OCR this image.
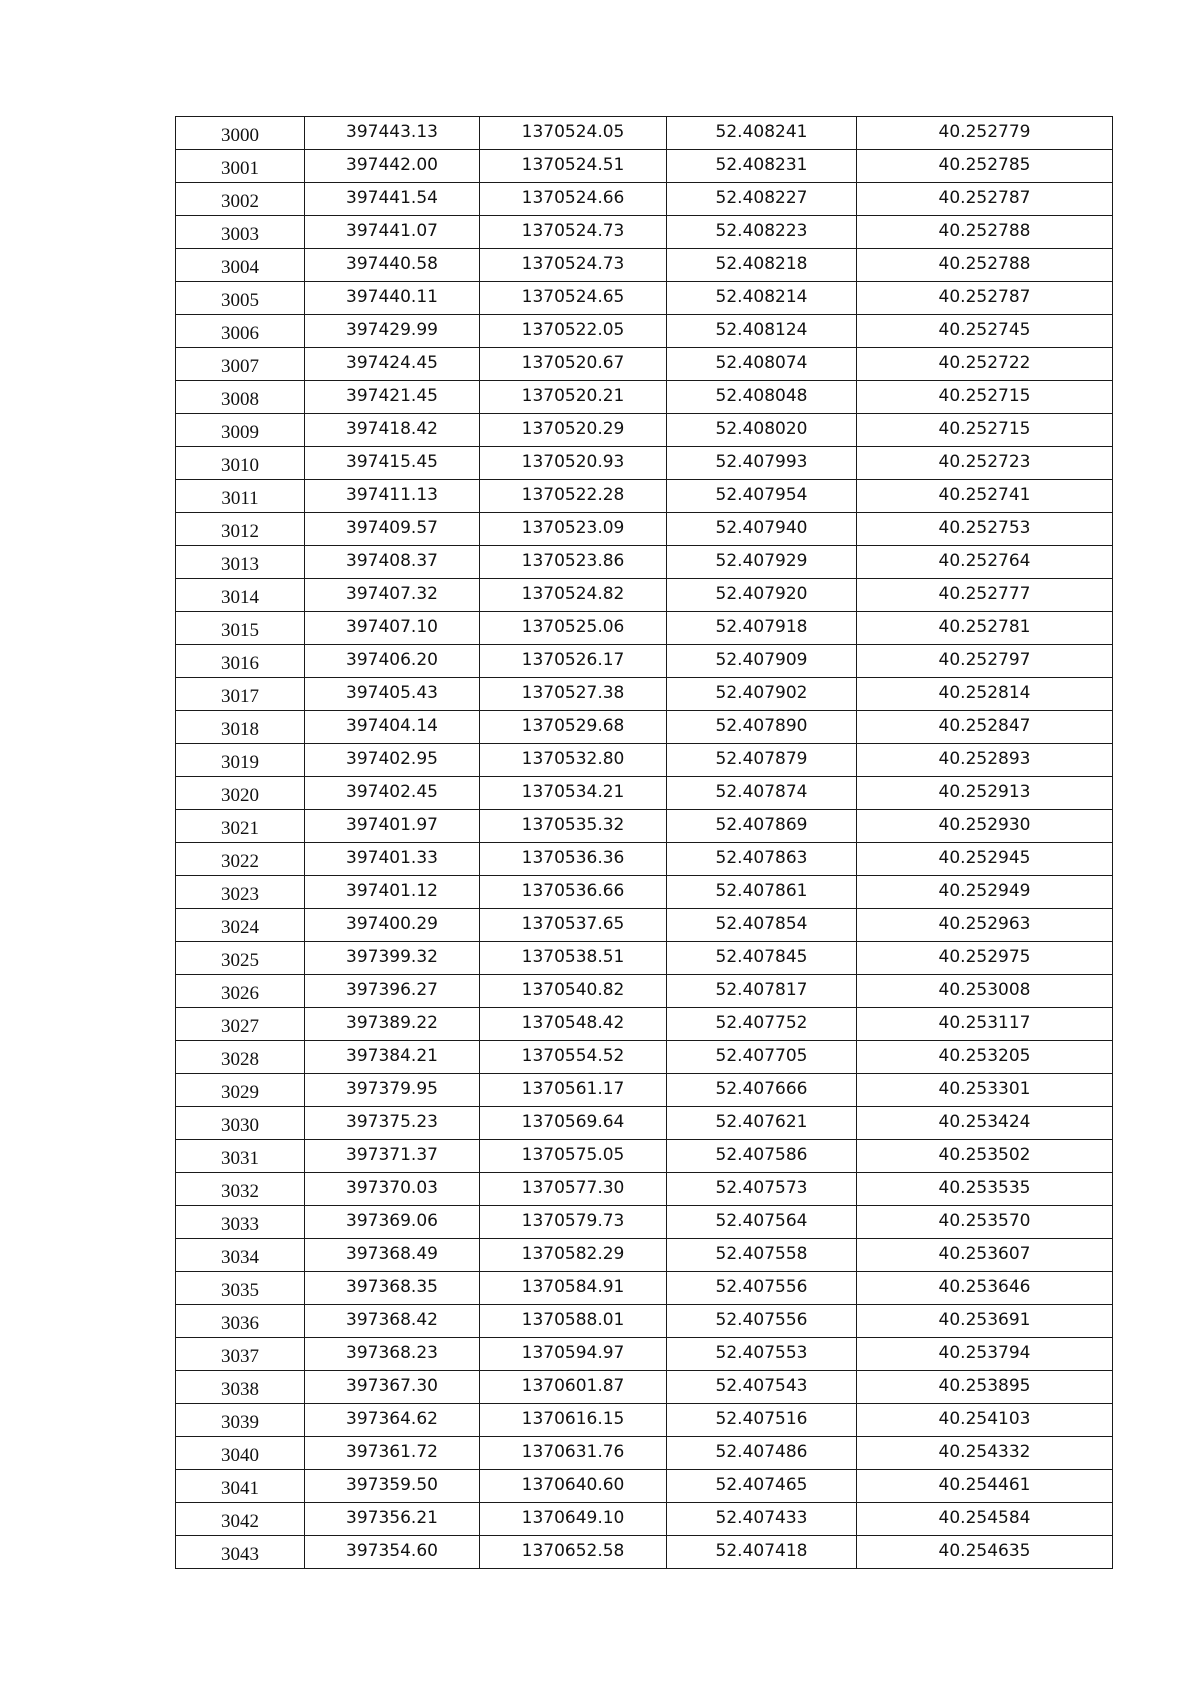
3000	397443.13	1370524.05	52.408241	40.252779
3001	397442.00	1370524.51	52.408231	40.252785
3002	397441.54	1370524.66	52.408227	40.252787
3003	397441.07	1370524.73	52.408223	40.252788
3004	397440.58	1370524.73	52.408218	40.252788
3005	397440.11	1370524.65	52.408214	40.252787
3006	397429.99	1370522.05	52.408124	40.252745
3007	397424.45	1370520.67	52.408074	40.252722
3008	397421.45	1370520.21	52.408048	40.252715
3009	397418.42	1370520.29	52.408020	40.252715
3010	397415.45	1370520.93	52.407993	40.252723
3011	397411.13	1370522.28	52.407954	40.252741
3012	397409.57	1370523.09	52.407940	40.252753
3013	397408.37	1370523.86	52.407929	40.252764
3014	397407.32	1370524.82	52.407920	40.252777
3015	397407.10	1370525.06	52.407918	40.252781
3016	397406.20	1370526.17	52.407909	40.252797
3017	397405.43	1370527.38	52.407902	40.252814
3018	397404.14	1370529.68	52.407890	40.252847
3019	397402.95	1370532.80	52.407879	40.252893
3020	397402.45	1370534.21	52.407874	40.252913
3021	397401.97	1370535.32	52.407869	40.252930
3022	397401.33	1370536.36	52.407863	40.252945
3023	397401.12	1370536.66	52.407861	40.252949
3024	397400.29	1370537.65	52.407854	40.252963
3025	397399.32	1370538.51	52.407845	40.252975
3026	397396.27	1370540.82	52.407817	40.253008
3027	397389.22	1370548.42	52.407752	40.253117
3028	397384.21	1370554.52	52.407705	40.253205
3029	397379.95	1370561.17	52.407666	40.253301
3030	397375.23	1370569.64	52.407621	40.253424
3031	397371.37	1370575.05	52.407586	40.253502
3032	397370.03	1370577.30	52.407573	40.253535
3033	397369.06	1370579.73	52.407564	40.253570
3034	397368.49	1370582.29	52.407558	40.253607
3035	397368.35	1370584.91	52.407556	40.253646
3036	397368.42	1370588.01	52.407556	40.253691
3037	397368.23	1370594.97	52.407553	40.253794
3038	397367.30	1370601.87	52.407543	40.253895
3039	397364.62	1370616.15	52.407516	40.254103
3040	397361.72	1370631.76	52.407486	40.254332
3041	397359.50	1370640.60	52.407465	40.254461
3042	397356.21	1370649.10	52.407433	40.254584
3043	397354.60	1370652.58	52.407418	40.254635
